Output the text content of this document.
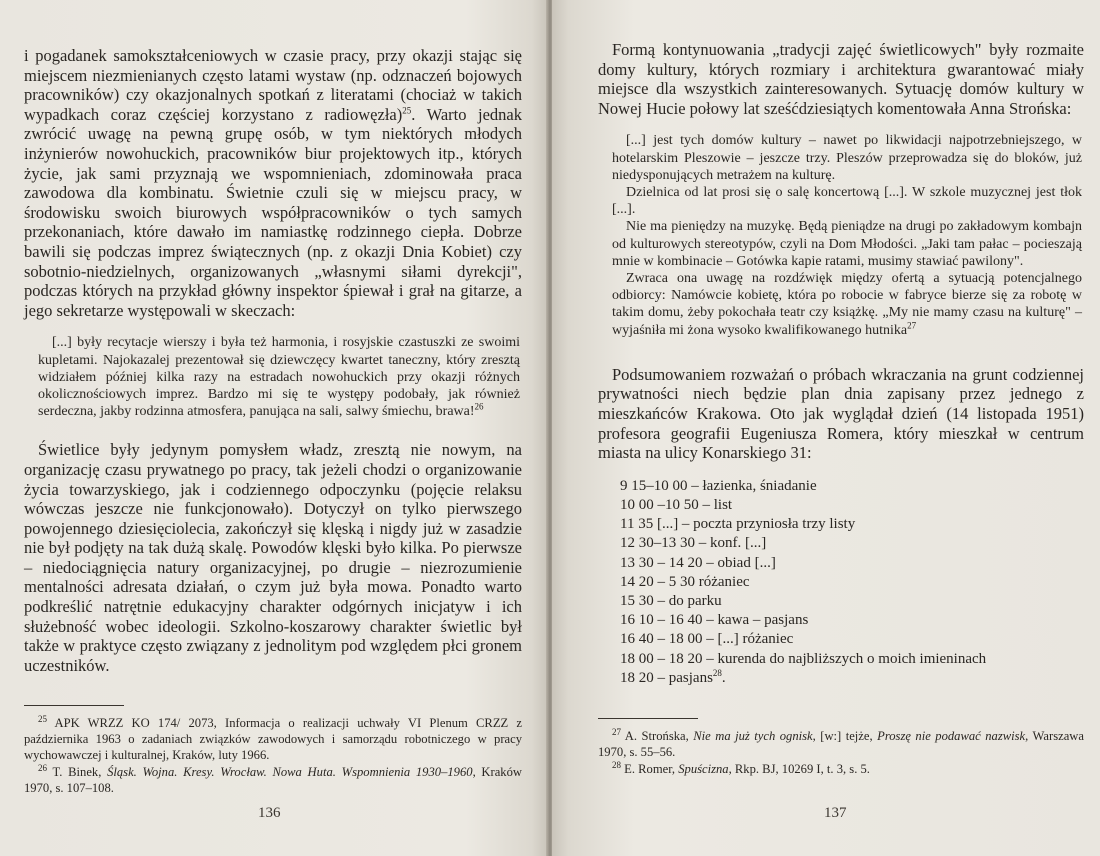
i pogadanek samokształceniowych w czasie pracy, przy okazji stając się miejscem niezmienianych często latami wystaw (np. odznaczeń bojowych pracowników) czy okazjonalnych spotkań z literatami (chociaż w takich wypadkach coraz częściej korzystano z radiowęzła)$^{25}$. Warto jednak zwrócić uwagę na pewną grupę osób, w tym niektórych młodych inżynierów nowohuckich, pracowników biur projektowych itp., których życie, jak sami przyznają we wspomnieniach, zdominowała praca zawodowa dla kombinatu. Świetnie czuli się w miejscu pracy, w środowisku swoich biurowych współpracowników o tych samych przekonaniach, które dawało im namiastkę rodzinnego ciepła. Dobrze bawili się podczas imprez świątecznych (np. z okazji Dnia Kobiet) czy sobotnio-niedzielnych, organizowanych „własnymi siłami dyrekcji", podczas których na przykład główny inspektor śpiewał i grał na gitarze, a jego sekretarze występowali w skeczach:

[...] były recytacje wierszy i była też harmonia, i rosyjskie czastuszki ze swoimi kupletami. Najokazalej prezentował się dziewczęcy kwartet taneczny, który zresztą widziałem później kilka razy na estradach nowohuckich przy okazji różnych okolicznościowych imprez. Bardzo mi się te występy podobały, jak również serdeczna, jakby rodzinna atmosfera, panująca na sali, salwy śmiechu, brawa!$^{26}$

Świetlice były jedynym pomysłem władz, zresztą nie nowym, na organizację czasu prywatnego po pracy, tak jeżeli chodzi o organizowanie życia towarzyskiego, jak i codziennego odpoczynku (pojęcie relaksu wówczas jeszcze nie funkcjonowało). Dotyczył on tylko pierwszego powojennego dziesięciolecia, zakończył się klęską i nigdy już w zasadzie nie był podjęty na tak dużą skalę. Powodów klęski było kilka. Po pierwsze – niedociągnięcia natury organizacyjnej, po drugie – niezrozumienie mentalności adresata działań, o czym już była mowa. Ponadto warto podkreślić natrętnie edukacyjny charakter odgórnych inicjatyw i ich służebność wobec ideologii. Szkolno-koszarowy charakter świetlic był także w praktyce często związany z jednolitym pod względem płci gronem uczestników.

$^{25}$ APK WRZZ KO 174/ 2073, Informacja o realizacji uchwały VI Plenum CRZZ z października 1963 o zadaniach związków zawodowych i samorządu robotniczego w pracy wychowawczej i kulturalnej, Kraków, luty 1966.

$^{26}$ T. Binek, Śląsk. Wojna. Kresy. Wrocław. Nowa Huta. Wspomnienia 1930–1960, Kraków 1970, s. 107–108.

136

Formą kontynuowania „tradycji zajęć świetlicowych" były rozmaite domy kultury, których rozmiary i architektura gwarantować miały miejsce dla wszystkich zainteresowanych. Sytuację domów kultury w Nowej Hucie połowy lat sześćdziesiątych komentowała Anna Strońska:

[...] jest tych domów kultury – nawet po likwidacji najpotrzebniejszego, w hotelarskim Pleszowie – jeszcze trzy. Pleszów przeprowadza się do bloków, już niedysponujących metrażem na kulturę.

Dzielnica od lat prosi się o salę koncertową [...]. W szkole muzycznej jest tłok [...].

Nie ma pieniędzy na muzykę. Będą pieniądze na drugi po zakładowym kombajn od kulturowych stereotypów, czyli na Dom Młodości. „Jaki tam pałac – pocieszają mnie w kombinacie – Gotówka kapie ratami, musimy stawiać pawilony".

Zwraca ona uwagę na rozdźwięk między ofertą a sytuacją potencjalnego odbiorcy: Namówcie kobietę, która po robocie w fabryce bierze się za robotę w takim domu, żeby pokochała teatr czy książkę. „My nie mamy czasu na kulturę" – wyjaśniła mi żona wysoko kwalifikowanego hutnika$^{27}$

Podsumowaniem rozważań o próbach wkraczania na grunt codziennej prywatności niech będzie plan dnia zapisany przez jednego z mieszkańców Krakowa. Oto jak wyglądał dzień (14 listopada 1951) profesora geografii Eugeniusza Romera, który mieszkał w centrum miasta na ulicy Konarskiego 31:

9 15–10 00 – łazienka, śniadanie
10 00 –10 50 – list
11 35 [...] – poczta przyniosła trzy listy
12 30–13 30 – konf. [...]
13 30 – 14 20 – obiad [...]
14 20 – 5 30 różaniec
15 30 – do parku
16 10 – 16 40 – kawa – pasjans
16 40 – 18 00 – [...] różaniec
18 00 – 18 20 – kurenda do najbliższych o moich imieninach
18 20 – pasjans$^{28}$.

$^{27}$ A. Strońska, Nie ma już tych ognisk, [w:] tejże, Proszę nie podawać nazwisk, Warszawa 1970, s. 55–56.

$^{28}$ E. Romer, Spuścizna, Rkp. BJ, 10269 I, t. 3, s. 5.

137
